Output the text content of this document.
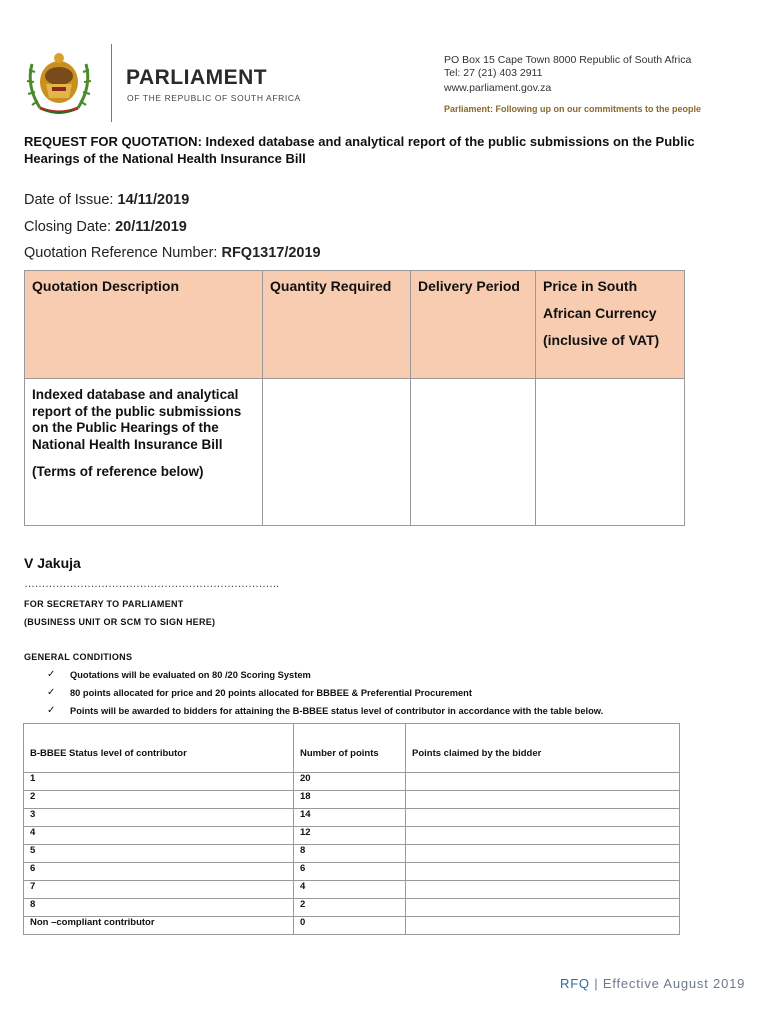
PARLIAMENT
OF THE REPUBLIC OF SOUTH AFRICA
PO Box 15 Cape Town 8000 Republic of South Africa
Tel: 27 (21) 403 2911
www.parliament.gov.za
Parliament: Following up on our commitments to the people
REQUEST FOR QUOTATION: Indexed database and analytical report of the public submissions on the Public Hearings of the National Health Insurance Bill
Date of Issue: 14/11/2019
Closing Date: 20/11/2019
Quotation Reference Number: RFQ1317/2019
Quotation Description	Quantity Required	Delivery Period	Price in South African Currency (inclusive of VAT)

Indexed database and analytical report of the public submissions on the Public Hearings of the National Health Insurance Bill
(Terms of reference below)			

V Jakuja
……………………………………………………………….
FOR SECRETARY TO PARLIAMENT
(BUSINESS UNIT OR SCM TO SIGN HERE)
GENERAL CONDITIONS
✓ Quotations will be evaluated on 80 /20 Scoring System
✓ 80 points allocated for price and 20 points allocated for BBBEE & Preferential Procurement
✓ Points will be awarded to bidders for attaining the B-BBEE status level of contributor in accordance with the table below.
B-BBEE Status level of contributor	Number of points	Points claimed by the bidder
1	20	
2	18	
3	14	
4	12	
5	8	
6	6	
7	4	
8	2	
Non –compliant contributor	0	
RFQ | Effective August 2019
